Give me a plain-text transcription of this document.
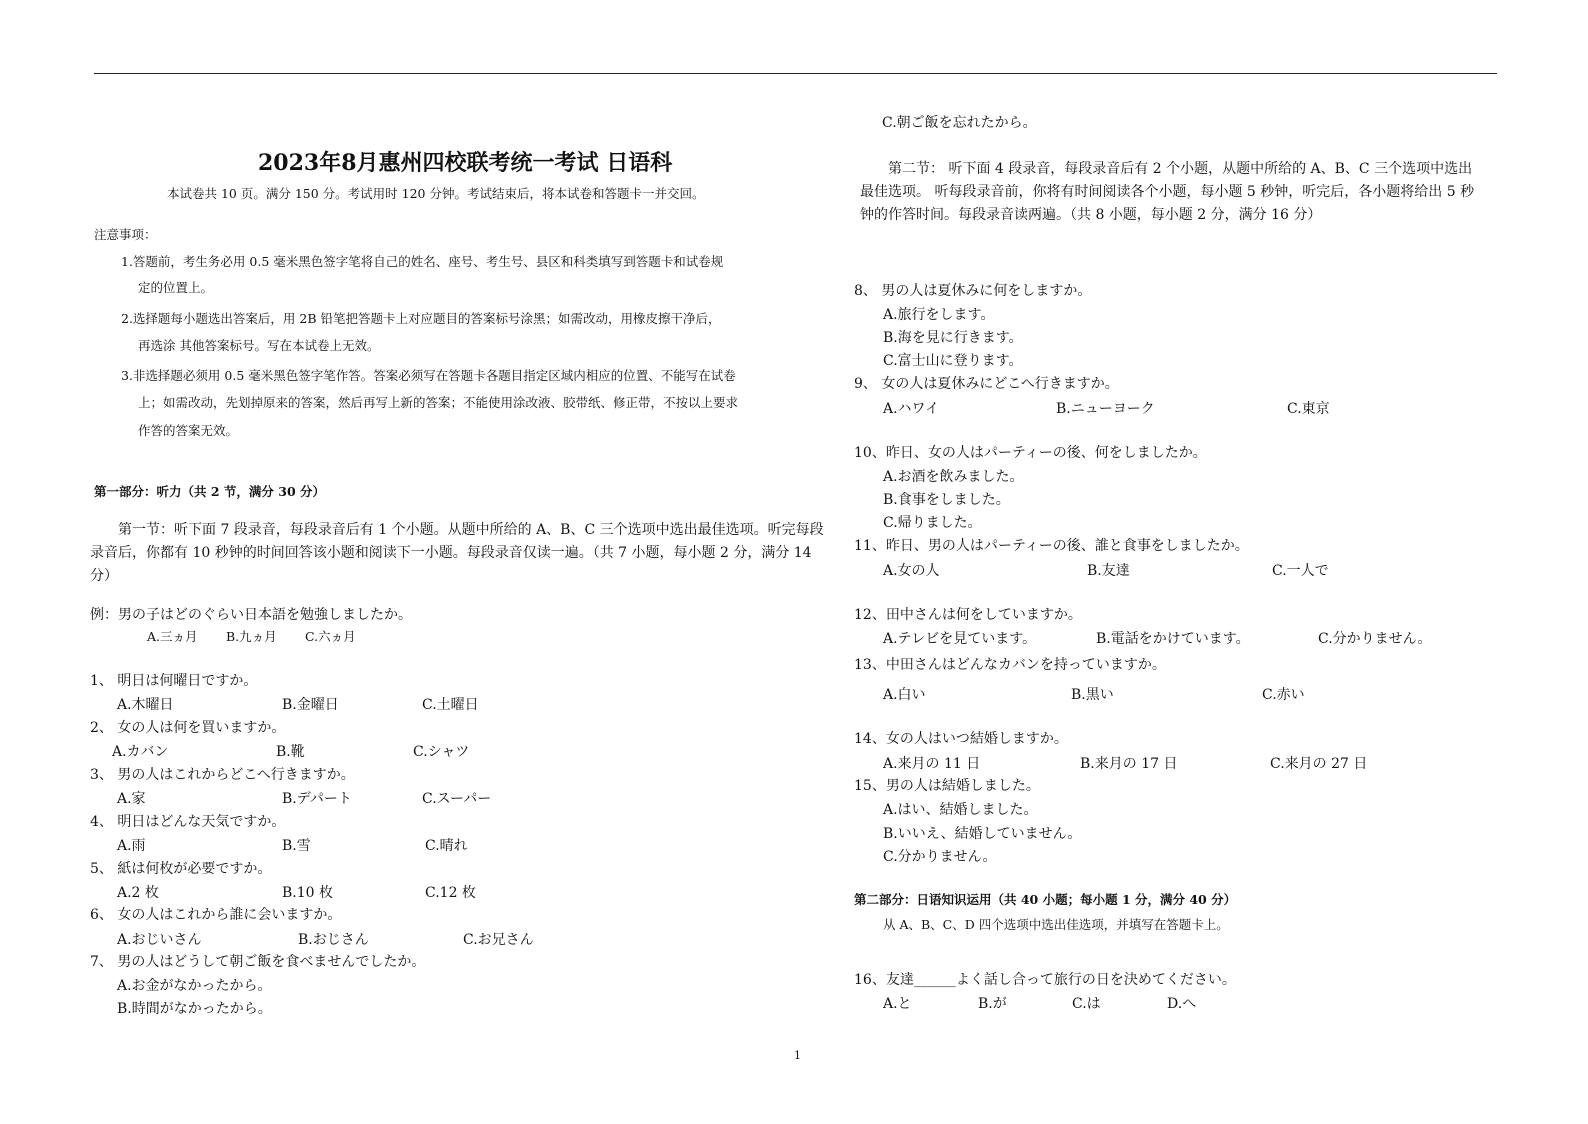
2023年8月惠州四校联考统一考试 日语科
本试卷共 10 页。满分 150 分。考试用时 120 分钟。考试结束后，将本试卷和答题卡一并交回。
注意事项：
1.答题前，考生务必用 0.5 毫米黑色签字笔将自己的姓名、座号、考生号、县区和科类填写到答题卡和试卷规
定的位置上。
2.选择题每小题选出答案后，用 2B 铅笔把答题卡上对应题目的答案标号涂黑；如需改动，用橡皮擦干净后，
再选涂 其他答案标号。写在本试卷上无效。
3.非选择题必须用 0.5 毫米黑色签字笔作答。答案必须写在答题卡各题目指定区域内相应的位置、不能写在试卷
上；如需改动，先划掉原来的答案，然后再写上新的答案；不能使用涂改液、胶带纸、修正带，不按以上要求
作答的答案无效。
第一部分：听力（共 2 节，满分 30 分）
第一节：听下面 7 段录音，每段录音后有 1 个小题。从题中所给的 A、B、C 三个选项中选出最佳选项。听完每段录音后，你都有 10 秒钟的时间回答该小题和阅读下一小题。每段录音仅读一遍。（共 7 小题，每小题 2 分，满分 14 分）
例：男の子はどのぐらい日本語を勉強しましたか。
A.三ヵ月 B.九ヵ月 C.六ヵ月
1、 明日は何曜日ですか。
A.木曜日	B.金曜日	C.土曜日
2、 女の人は何を買いますか。
A.カバン	B.靴	C.シャツ
3、 男の人はこれからどこへ行きますか。
A.家	B.デパート	C.スーパー
4、 明日はどんな天気ですか。
A.雨	B.雪	C.晴れ
5、 紙は何枚が必要ですか。
A.2 枚	B.10 枚	C.12 枚
6、 女の人はこれから誰に会いますか。
A.おじいさん	B.おじさん	C.お兄さん
7、 男の人はどうして朝ご飯を食べませんでしたか。
A.お金がなかったから。
B.時間がなかったから。
C.朝ご飯を忘れたから。
第二节： 听下面 4 段录音，每段录音后有 2 个小题，从题中所给的 A、B、C 三个选项中选出最佳选项。 听每段录音前，你将有时间阅读各个小题，每小题 5 秒钟，听完后，各小题将给出 5 秒钟的作答时间。每段录音读两遍。（共 8 小题，每小题 2 分，满分 16 分）
8、 男の人は夏休みに何をしますか。
A.旅行をします。
B.海を見に行きます。
C.富士山に登ります。
9、 女の人は夏休みにどこへ行きますか。
A.ハワイ	B.ニューヨーク	C.東京
10、昨日、女の人はパーティーの後、何をしましたか。
A.お酒を飲みました。
B.食事をしました。
C.帰りました。
11、昨日、男の人はパーティーの後、誰と食事をしましたか。
A.女の人	B.友達	C.一人で
12、田中さんは何をしていますか。
A.テレビを見ています。	B.電話をかけています。	C.分かりません。
13、中田さんはどんなカバンを持っていますか。
A.白い	B.黒い	C.赤い
14、女の人はいつ結婚しますか。
A.来月の 11 日	B.来月の 17 日	C.来月の 27 日
15、男の人は結婚しました。
A.はい、結婚しました。
B.いいえ、結婚していません。
C.分かりません。
第二部分：日语知识运用（共 40 小题；每小题 1 分，满分 40 分）
从 A、B、C、D 四个选项中选出佳选项，并填写在答题卡上。
16、友達______よく話し合って旅行の日を決めてください。
A.と	B.が	C.は	D.へ
1
